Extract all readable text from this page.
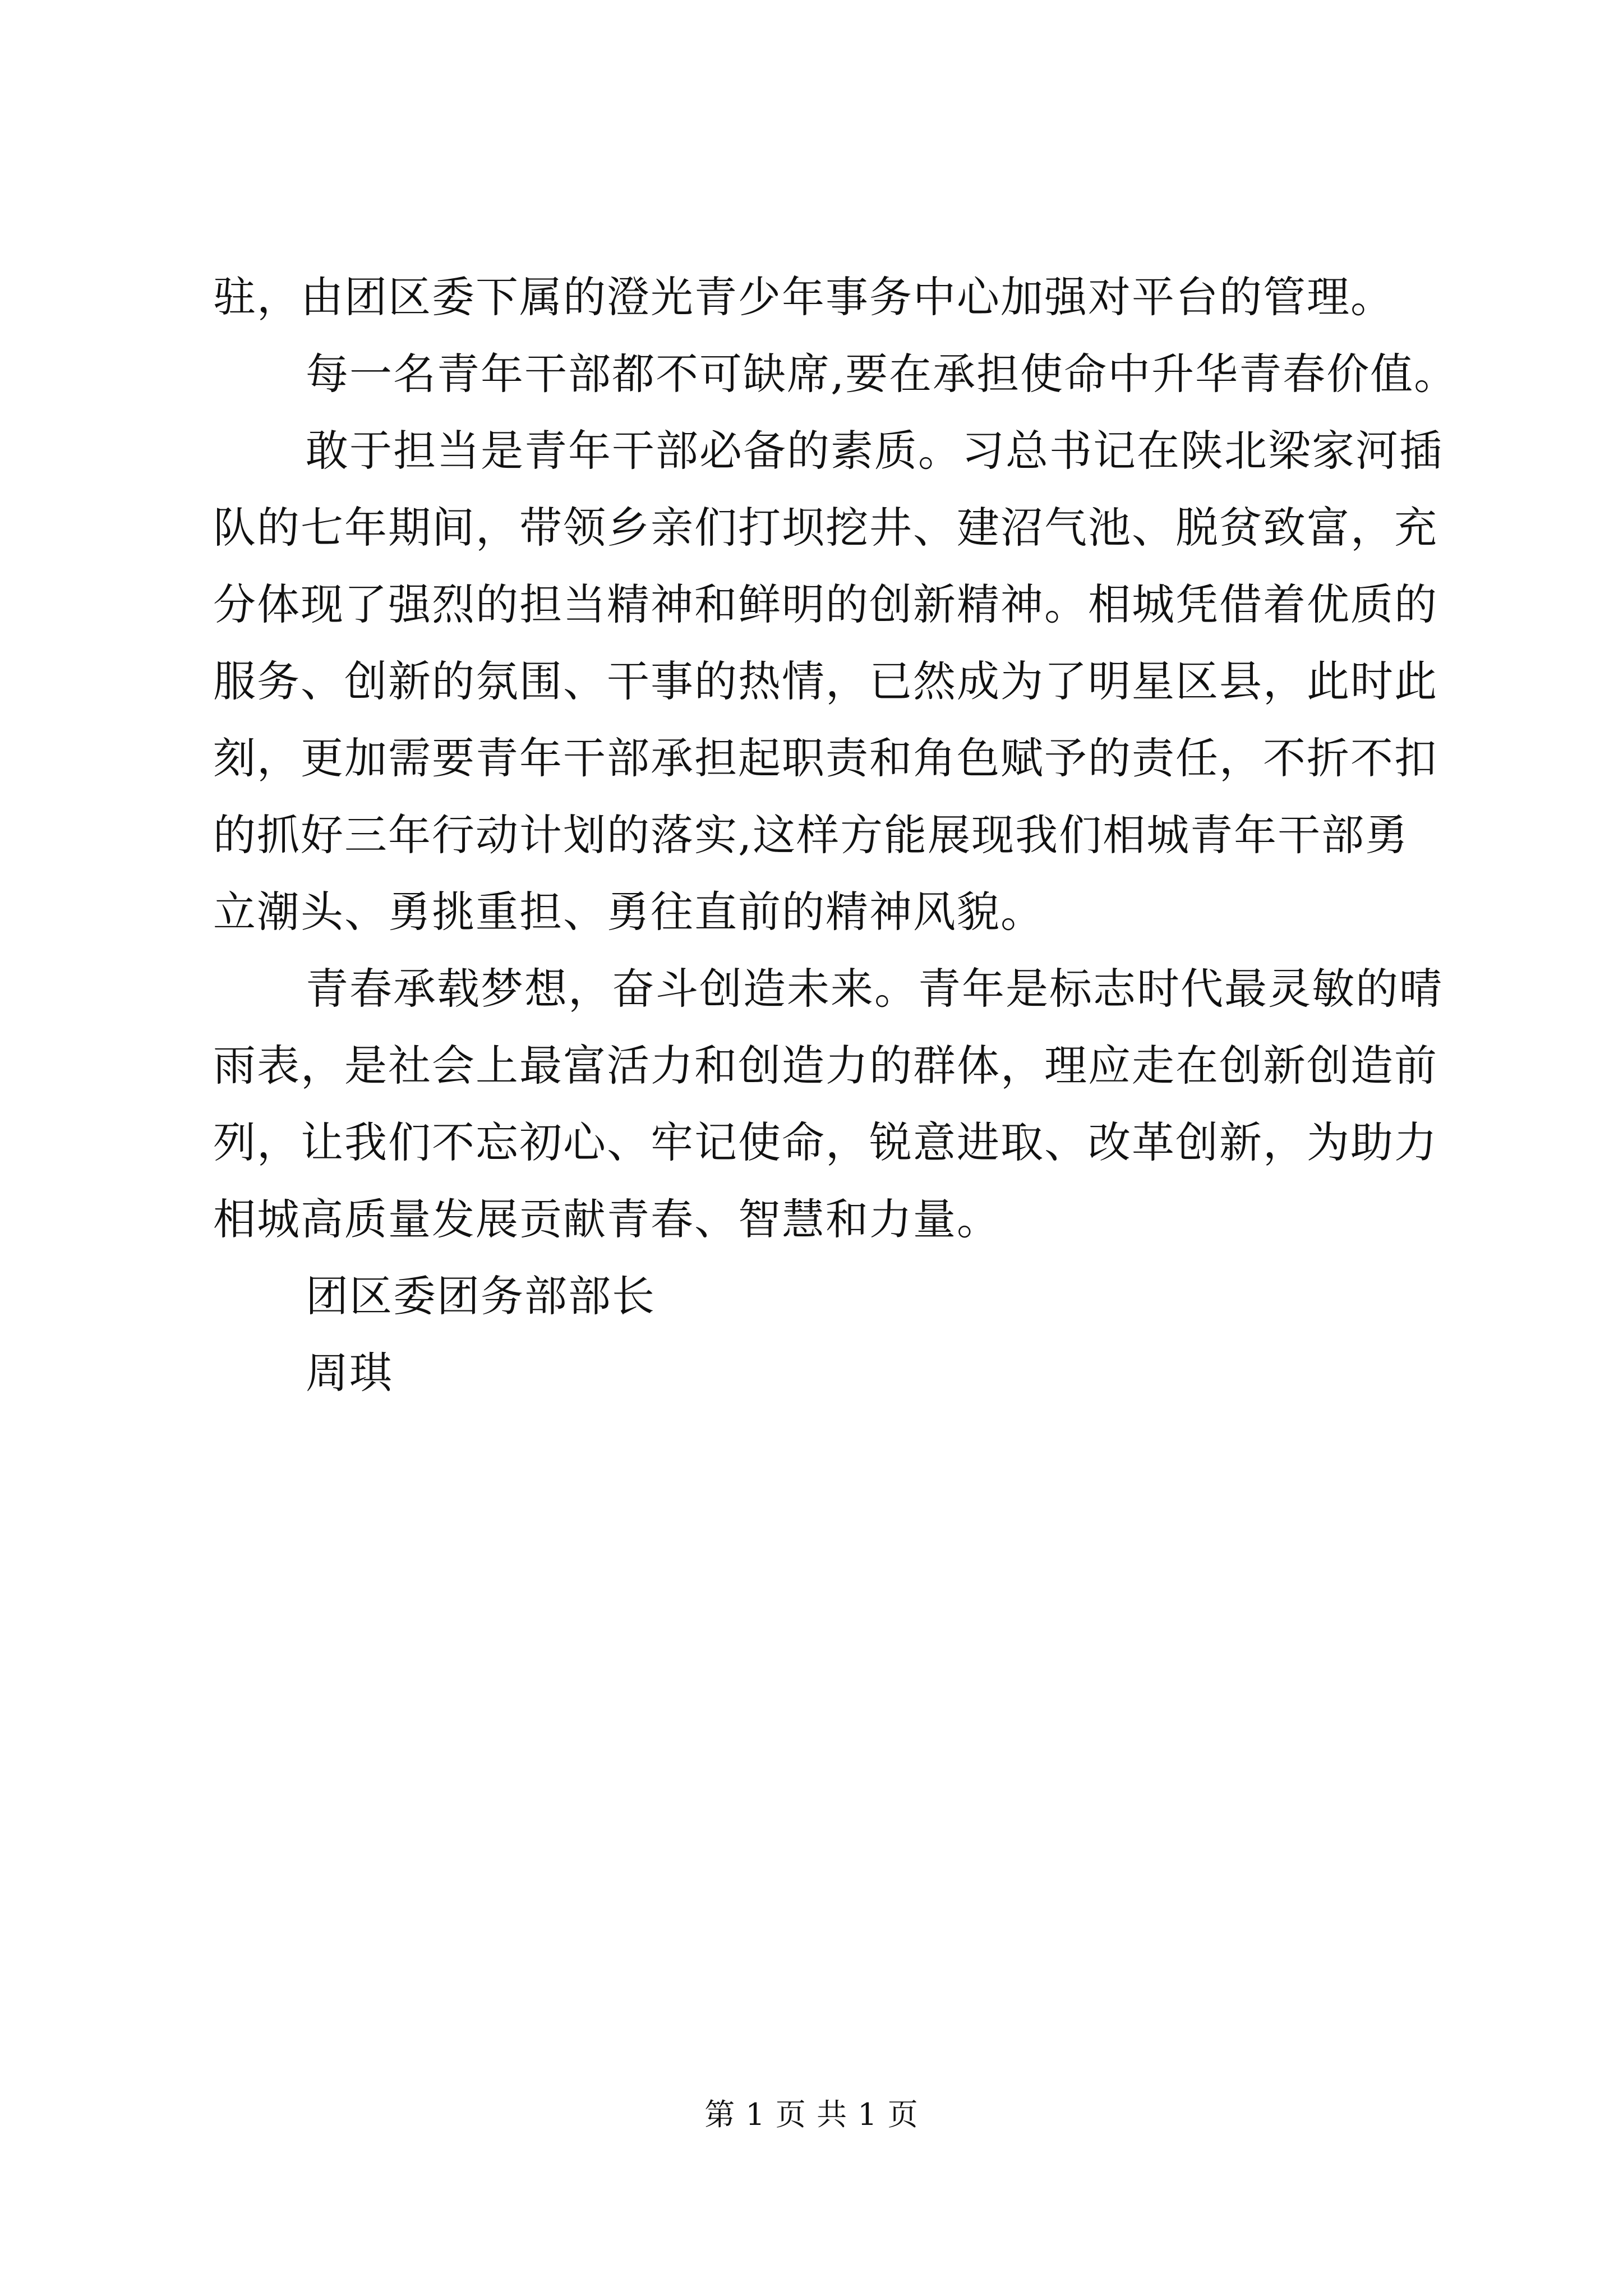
驻，由团区委下属的澄光青少年事务中心加强对平台的管理。
每一名青年干部都不可缺席,要在承担使命中升华青春价值。
敢于担当是青年干部必备的素质。习总书记在陕北梁家河插
队的七年期间，带领乡亲们打坝挖井、建沼气池、脱贫致富，充
分体现了强烈的担当精神和鲜明的创新精神。相城凭借着优质的
服务、创新的氛围、干事的热情，已然成为了明星区县，此时此
刻，更加需要青年干部承担起职责和角色赋予的责任，不折不扣
的抓好三年行动计划的落实,这样方能展现我们相城青年干部勇
立潮头、勇挑重担、勇往直前的精神风貌。
青春承载梦想，奋斗创造未来。青年是标志时代最灵敏的晴
雨表，是社会上最富活力和创造力的群体，理应走在创新创造前
列，让我们不忘初心、牢记使命，锐意进取、改革创新，为助力
相城高质量发展贡献青春、智慧和力量。
团区委团务部部长
周琪
第 1 页 共 1 页
